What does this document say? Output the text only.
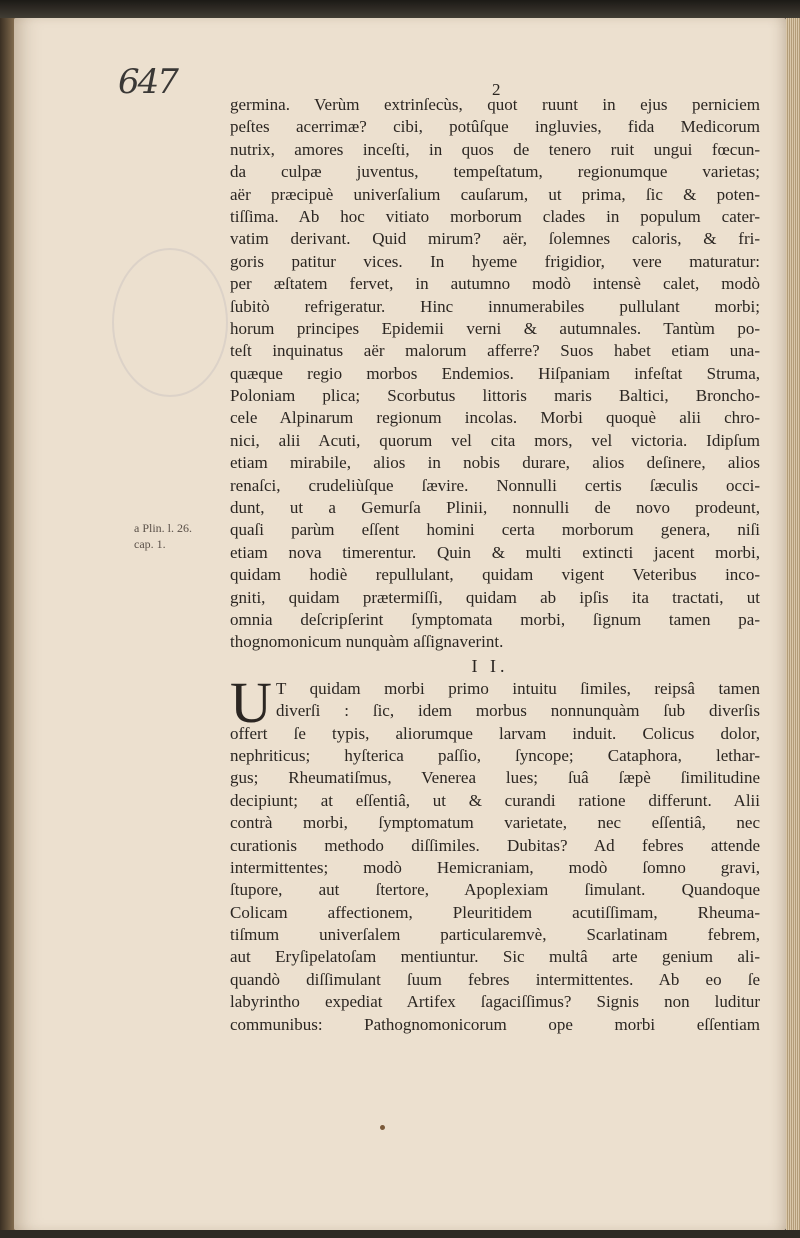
647	2
a Plin. l. 26.
cap. 1.
germina. Verùm extrinſecùs, quot ruunt in ejus perniciem
peſtes acerrimæ? cibi, potûſque ingluvies, fida Medicorum
nutrix, amores inceſti, in quos de tenero ruit ungui fœcun-
da culpæ juventus, tempeſtatum, regionumque varietas;
aër præcipuè univerſalium cauſarum, ut prima, ſic & poten-
tiſſima. Ab hoc vitiato morborum clades in populum cater-
vatim derivant. Quid mirum? aër, ſolemnes caloris, & fri-
goris patitur vices. In hyeme frigidior, vere maturatur:
per æſtatem fervet, in autumno modò intensè calet, modò
ſubitò refrigeratur. Hinc innumerabiles pullulant morbi;
horum principes Epidemii verni & autumnales. Tantùm po-
teſt inquinatus aër malorum afferre? Suos habet etiam una-
quæque regio morbos Endemios. Hiſpaniam infeſtat Struma,
Poloniam plica; Scorbutus littoris maris Baltici, Broncho-
cele Alpinarum regionum incolas. Morbi quoquè alii chro-
nici, alii Acuti, quorum vel cita mors, vel victoria. Idipſum
etiam mirabile, alios in nobis durare, alios deſinere, alios
renaſci, crudeliùſque ſævire. Nonnulli certis ſæculis occi-
dunt, ut a Gemurſa Plinii, nonnulli de novo prodeunt,
quaſi parùm eſſent homini certa morborum genera, niſi
etiam nova timerentur. Quin & multi extincti jacent morbi,
quidam hodiè repullulant, quidam vigent Veteribus inco-
gniti, quidam prætermiſſi, quidam ab ipſis ita tractati, ut
omnia deſcripſerint ſymptomata morbi, ſignum tamen pa-
thognomonicum nunquàm aſſignaverint.
I I.
U T quidam morbi primo intuitu ſimiles, reipsâ tamen
diverſi : ſic, idem morbus nonnunquàm ſub diverſis
offert ſe typis, aliorumque larvam induit. Colicus dolor,
nephriticus; hyſterica paſſio, ſyncope; Cataphora, lethar-
gus; Rheumatiſmus, Venerea lues; ſuâ ſæpè ſimilitudine
decipiunt; at eſſentiâ, ut & curandi ratione differunt. Alii
contrà morbi, ſymptomatum varietate, nec eſſentiâ, nec
curationis methodo diſſimiles. Dubitas? Ad febres attende
intermittentes; modò Hemicraniam, modò ſomno gravi,
ſtupore, aut ſtertore, Apoplexiam ſimulant. Quandoque
Colicam affectionem, Pleuritidem acutiſſimam, Rheuma-
tiſmum univerſalem particularemvè, Scarlatinam febrem,
aut Eryſipelatoſam mentiuntur. Sic multâ arte genium ali-
quandò diſſimulant ſuum febres intermittentes. Ab eo ſe
labyrintho expediat Artifex ſagaciſſimus? Signis non luditur
communibus: Pathognomonicorum ope morbi eſſentiam
